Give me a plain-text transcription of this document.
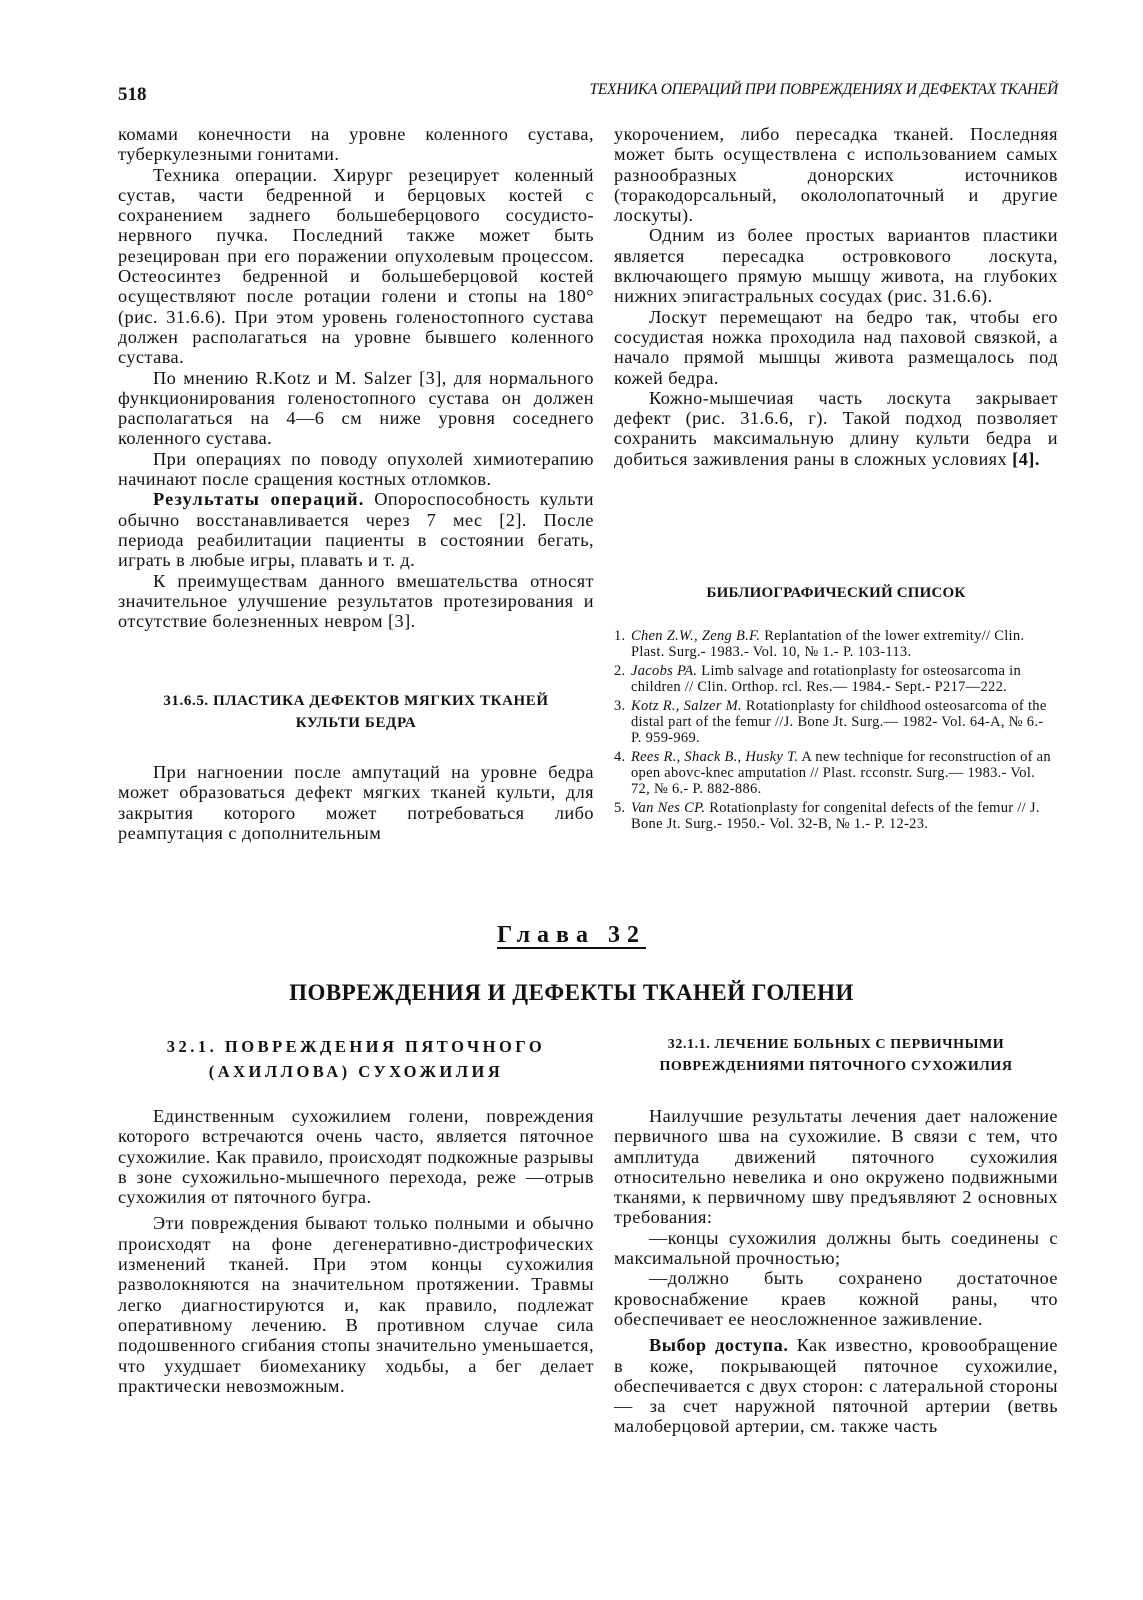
518	ТЕХНИКА ОПЕРАЦИЙ ПРИ ПОВРЕЖДЕНИЯХ И ДЕФЕКТАХ ТКАНЕЙ

комами конечности на уровне коленного сустава, туберкулезными гонитами.

Техника операции. Хирург резецирует коленный сустав, части бедренной и берцовых костей с сохранением заднего большеберцового сосудисто-нервного пучка. Последний также может быть резецирован при его поражении опухолевым процессом. Остеосинтез бедренной и большеберцовой костей осуществляют после ротации голени и стопы на 180° (рис. 31.6.6). При этом уровень голеностопного сустава должен располагаться на уровне бывшего коленного сустава.

По мнению R.Kotz и M. Salzer [3], для нормального функционирования голеностопного сустава он должен располагаться на 4—6 см ниже уровня соседнего коленного сустава.

При операциях по поводу опухолей химиотерапию начинают после сращения костных отломков.

Результаты операций. Опороспособность культи обычно восстанавливается через 7 мес [2]. После периода реабилитации пациенты в состоянии бегать, играть в любые игры, плавать и т. д.

К преимуществам данного вмешательства относят значительное улучшение результатов протезирования и отсутствие болезненных невром [3].

31.6.5. ПЛАСТИКА ДЕФЕКТОВ МЯГКИХ ТКАНЕЙ
КУЛЬТИ БЕДРА

При нагноении после ампутаций на уровне бедра может образоваться дефект мягких тканей культи, для закрытия которого может потребоваться либо реампутация с дополнительным

укорочением, либо пересадка тканей. Последняя может быть осуществлена с использованием самых разнообразных донорских источников (торакодорсальный, окололопаточный и другие лоскуты).

Одним из более простых вариантов пластики является пересадка островкового лоскута, включающего прямую мышцу живота, на глубоких нижних эпигастральных сосудах (рис. 31.6.6).

Лоскут перемещают на бедро так, чтобы его сосудистая ножка проходила над паховой связкой, а начало прямой мышцы живота размещалось под кожей бедра.

Кожно-мышечиая часть лоскута закрывает дефект (рис. 31.6.6, г). Такой подход позволяет сохранить максимальную длину культи бедра и добиться заживления раны в сложных условиях [4].

БИБЛИОГРАФИЧЕСКИЙ СПИСОК
1. Chen Z.W., Zeng B.F. Replantation of the lower extremity// Clin. Plast. Surg.- 1983.- Vol. 10, № 1.- P. 103-113.
2. Jacobs PA. Limb salvage and rotationplasty for osteosarcoma in children // Clin. Orthop. rcl. Res.— 1984.- Sept.- P217—222.
3. Kotz R., Salzer M. Rotationplasty for childhood osteosarcoma of the distal part of the femur //J. Bone Jt. Surg.— 1982- Vol. 64-A, № 6.- P. 959-969.
4. Rees R., Shack B., Husky T. A new technique for reconstruction of an open abovc-knec amputation // Plast. rcconstr. Surg.— 1983.- Vol. 72, № 6.- P. 882-886.
5. Van Nes CP. Rotationplasty for congenital defects of the femur // J. Bone Jt. Surg.- 1950.- Vol. 32-B, № 1.- P. 12-23.
Глава 32
ПОВРЕЖДЕНИЯ И ДЕФЕКТЫ ТКАНЕЙ ГОЛЕНИ
32.1. ПОВРЕЖДЕНИЯ ПЯТОЧНОГО
(АХИЛЛОВА) СУХОЖИЛИЯ

Единственным сухожилием голени, повреждения которого встречаются очень часто, является пяточное сухожилие. Как правило, происходят подкожные разрывы в зоне сухожильно-мышечного перехода, реже —отрыв сухожилия от пяточного бугра.

Эти повреждения бывают только полными и обычно происходят на фоне дегенеративно-дистрофических изменений тканей. При этом концы сухожилия разволокняются на значительном протяжении. Травмы легко диагностируются и, как правило, подлежат оперативному лечению. В противном случае сила подошвенного сгибания стопы значительно уменьшается, что ухудшает биомеханику ходьбы, а бег делает практически невозможным.

32.1.1. ЛЕЧЕНИЕ БОЛЬНЫХ С ПЕРВИЧНЫМИ
ПОВРЕЖДЕНИЯМИ ПЯТОЧНОГО СУХОЖИЛИЯ

Наилучшие результаты лечения дает наложение первичного шва на сухожилие. В связи с тем, что амплитуда движений пяточного сухожилия относительно невелика и оно окружено подвижными тканями, к первичному шву предъявляют 2 основных требования:

—концы сухожилия должны быть соединены с максимальной прочностью;

—должно быть сохранено достаточное кровоснабжение краев кожной раны, что обеспечивает ее неосложненное заживление.

Выбор доступа. Как известно, кровообращение в коже, покрывающей пяточное сухожилие, обеспечивается с двух сторон: с латеральной стороны — за счет наружной пяточной артерии (ветвь малоберцовой артерии, см. также часть
